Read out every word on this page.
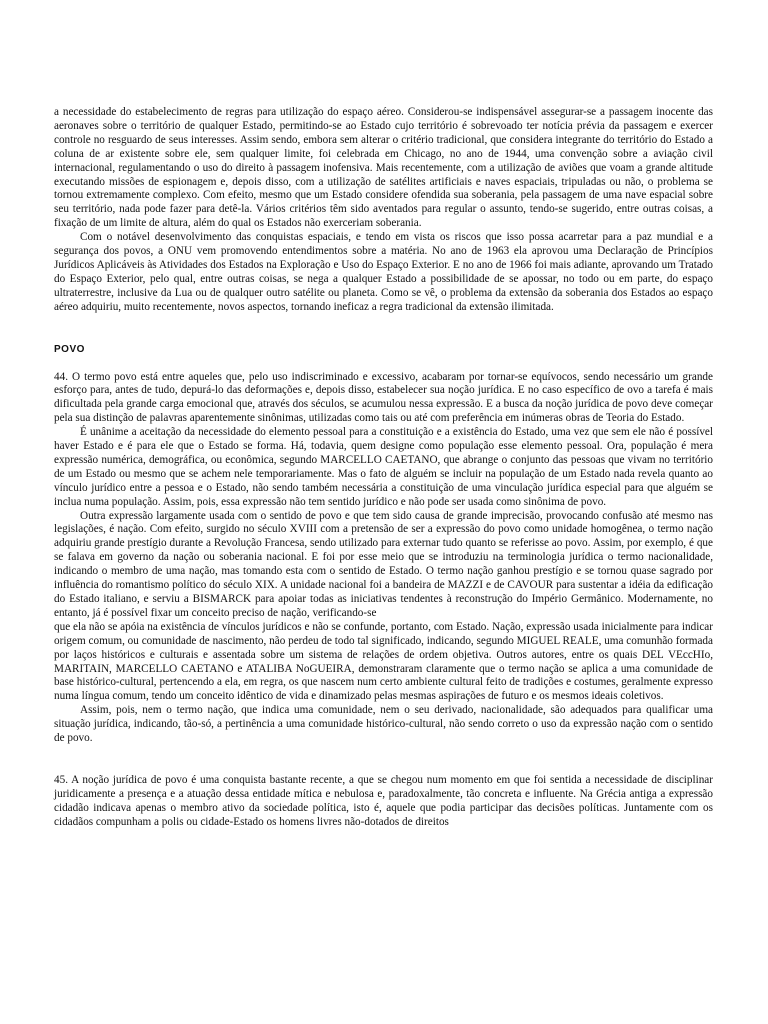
a necessidade do estabelecimento de regras para utilização do espaço aéreo. Considerou-se indispensável assegurar-se a passagem inocente das aeronaves sobre o território de qualquer Estado, permitindo-se ao Estado cujo território é sobrevoado ter notícia prévia da passagem e exercer controle no resguardo de seus interesses. Assim sendo, embora sem alterar o critério tradicional, que considera integrante do território do Estado a coluna de ar existente sobre ele, sem qualquer limite, foi celebrada em Chicago, no ano de 1944, uma convenção sobre a aviação civil internacional, regulamentando o uso do direito à passagem inofensiva. Mais recentemente, com a utilização de aviões que voam a grande altitude executando missões de espionagem e, depois disso, com a utilização de satélites artificiais e naves espaciais, tripuladas ou não, o problema se tornou extremamente complexo. Com efeito, mesmo que um Estado considere ofendida sua soberania, pela passagem de uma nave espacial sobre seu território, nada pode fazer para detê-la. Vários critérios têm sido aventados para regular o assunto, tendo-se sugerido, entre outras coisas, a fixação de um limite de altura, além do qual os Estados não exerceriam soberania.

Com o notável desenvolvimento das conquistas espaciais, e tendo em vista os riscos que isso possa acarretar para a paz mundial e a segurança dos povos, a ONU vem promovendo entendimentos sobre a matéria. No ano de 1963 ela aprovou uma Declaração de Princípios Jurídicos Aplicáveis às Atividades dos Estados na Exploração e Uso do Espaço Exterior. E no ano de 1966 foi mais adiante, aprovando um Tratado do Espaço Exterior, pelo qual, entre outras coisas, se nega a qualquer Estado a possibilidade de se apossar, no todo ou em parte, do espaço ultraterrestre, inclusive da Lua ou de qualquer outro satélite ou planeta. Como se vê, o problema da extensão da soberania dos Estados ao espaço aéreo adquiriu, muito recentemente, novos aspectos, tornando ineficaz a regra tradicional da extensão ilimitada.

POVO

44. O termo povo está entre aqueles que, pelo uso indiscriminado e excessivo, acabaram por tornar-se equívocos, sendo necessário um grande esforço para, antes de tudo, depurá-lo das deformações e, depois disso, estabelecer sua noção jurídica. E no caso específico de ovo a tarefa é mais dificultada pela grande carga emocional que, através dos séculos, se acumulou nessa expressão. E a busca da noção jurídica de povo deve começar pela sua distinção de palavras aparentemente sinônimas, utilizadas como tais ou até com preferência em inúmeras obras de Teoria do Estado.

É unânime a aceitação da necessidade do elemento pessoal para a constituição e a existência do Estado, uma vez que sem ele não é possível haver Estado e é para ele que o Estado se forma. Há, todavia, quem designe como população esse elemento pessoal. Ora, população é mera expressão numérica, demográfica, ou econômica, segundo MARCELLO CAETANO, que abrange o conjunto das pessoas que vivam no território de um Estado ou mesmo que se achem nele temporariamente. Mas o fato de alguém se incluir na população de um Estado nada revela quanto ao vínculo jurídico entre a pessoa e o Estado, não sendo também necessária a constituição de uma vinculação jurídica especial para que alguém se inclua numa população. Assim, pois, essa expressão não tem sentido jurídico e não pode ser usada como sinônima de povo.

Outra expressão largamente usada com o sentido de povo e que tem sido causa de grande imprecisão, provocando confusão até mesmo nas legislações, é nação. Com efeito, surgido no século XVIII com a pretensão de ser a expressão do povo como unidade homogênea, o termo nação adquiriu grande prestígio durante a Revolução Francesa, sendo utilizado para externar tudo quanto se referisse ao povo. Assim, por exemplo, é que se falava em governo da nação ou soberania nacional. E foi por esse meio que se introduziu na terminologia jurídica o termo nacionalidade, indicando o membro de uma nação, mas tomando esta com o sentido de Estado. O termo nação ganhou prestígio e se tornou quase sagrado por influência do romantismo político do século XIX. A unidade nacional foi a bandeira de MAZZI e de CAVOUR para sustentar a idéia da edificação do Estado italiano, e serviu a BISMARCK para apoiar todas as iniciativas tendentes à reconstrução do Império Germânico. Modernamente, no entanto, já é possível fixar um conceito preciso de nação, verificando-se

que ela não se apóia na existência de vínculos jurídicos e não se confunde, portanto, com Estado. Nação, expressão usada inicialmente para indicar origem comum, ou comunidade de nascimento, não perdeu de todo tal significado, indicando, segundo MIGUEL REALE, uma comunhão formada por laços históricos e culturais e assentada sobre um sistema de relações de ordem objetiva. Outros autores, entre os quais DEL VEccHIo, MARITAIN, MARCELLO CAETANO e ATALIBA NoGUEIRA, demonstraram claramente que o termo nação se aplica a uma comunidade de base histórico-cultural, pertencendo a ela, em regra, os que nascem num certo ambiente cultural feito de tradições e costumes, geralmente expresso numa língua comum, tendo um conceito idêntico de vida e dinamizado pelas mesmas aspirações de futuro e os mesmos ideais coletivos.

Assim, pois, nem o termo nação, que indica uma comunidade, nem o seu derivado, nacionalidade, são adequados para qualificar uma situação jurídica, indicando, tão-só, a pertinência a uma comunidade histórico-cultural, não sendo correto o uso da expressão nação com o sentido de povo.

45. A noção jurídica de povo é uma conquista bastante recente, a que se chegou num momento em que foi sentida a necessidade de disciplinar juridicamente a presença e a atuação dessa entidade mítica e nebulosa e, paradoxalmente, tão concreta e influente. Na Grécia antiga a expressão cidadão indicava apenas o membro ativo da sociedade política, isto é, aquele que podia participar das decisões políticas. Juntamente com os cidadãos compunham a polis ou cidade-Estado os homens livres não-dotados de direitos
